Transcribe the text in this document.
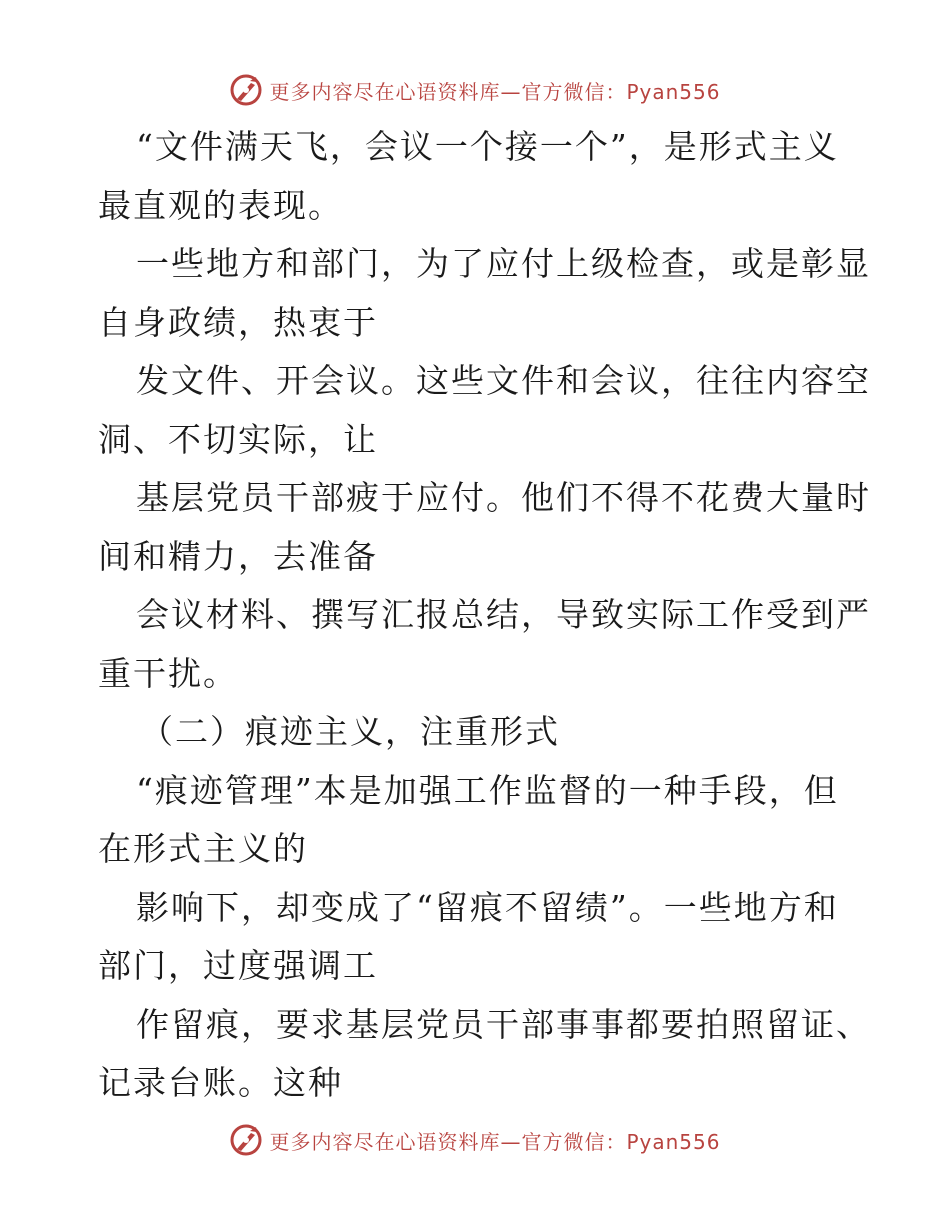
更多内容尽在心语资料库—官方微信：Pyan556
“文件满天飞，会议一个接一个”，是形式主义
最直观的表现。
一些地方和部门，为了应付上级检查，或是彰显
自身政绩，热衷于
发文件、开会议。这些文件和会议，往往内容空
洞、不切实际，让
基层党员干部疲于应付。他们不得不花费大量时
间和精力，去准备
会议材料、撰写汇报总结，导致实际工作受到严
重干扰。
（二）痕迹主义，注重形式
“痕迹管理”本是加强工作监督的一种手段，但
在形式主义的
影响下，却变成了“留痕不留绩”。一些地方和
部门，过度强调工
作留痕，要求基层党员干部事事都要拍照留证、
记录台账。这种
更多内容尽在心语资料库—官方微信：Pyan556
